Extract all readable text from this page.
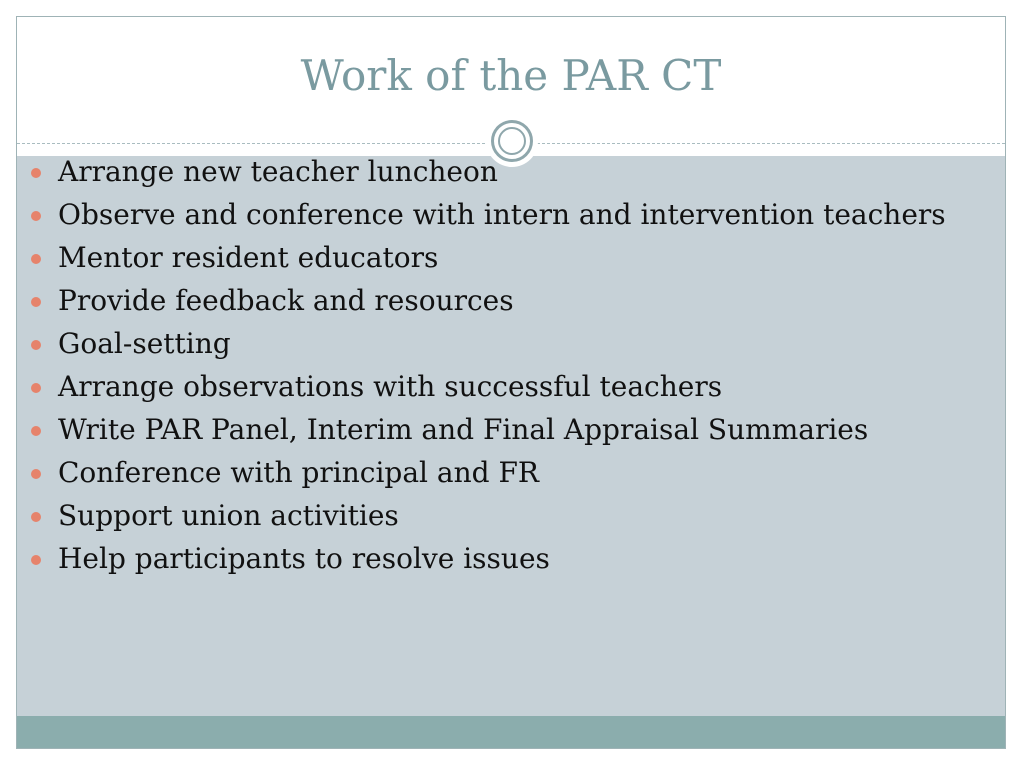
Work of the PAR CT
Arrange new teacher luncheon
Observe and conference with intern and intervention teachers
Mentor resident educators
Provide feedback and resources
Goal-setting
Arrange observations with successful teachers
Write PAR Panel, Interim and Final Appraisal Summaries
Conference with principal and FR
Support union activities
Help participants to resolve issues
